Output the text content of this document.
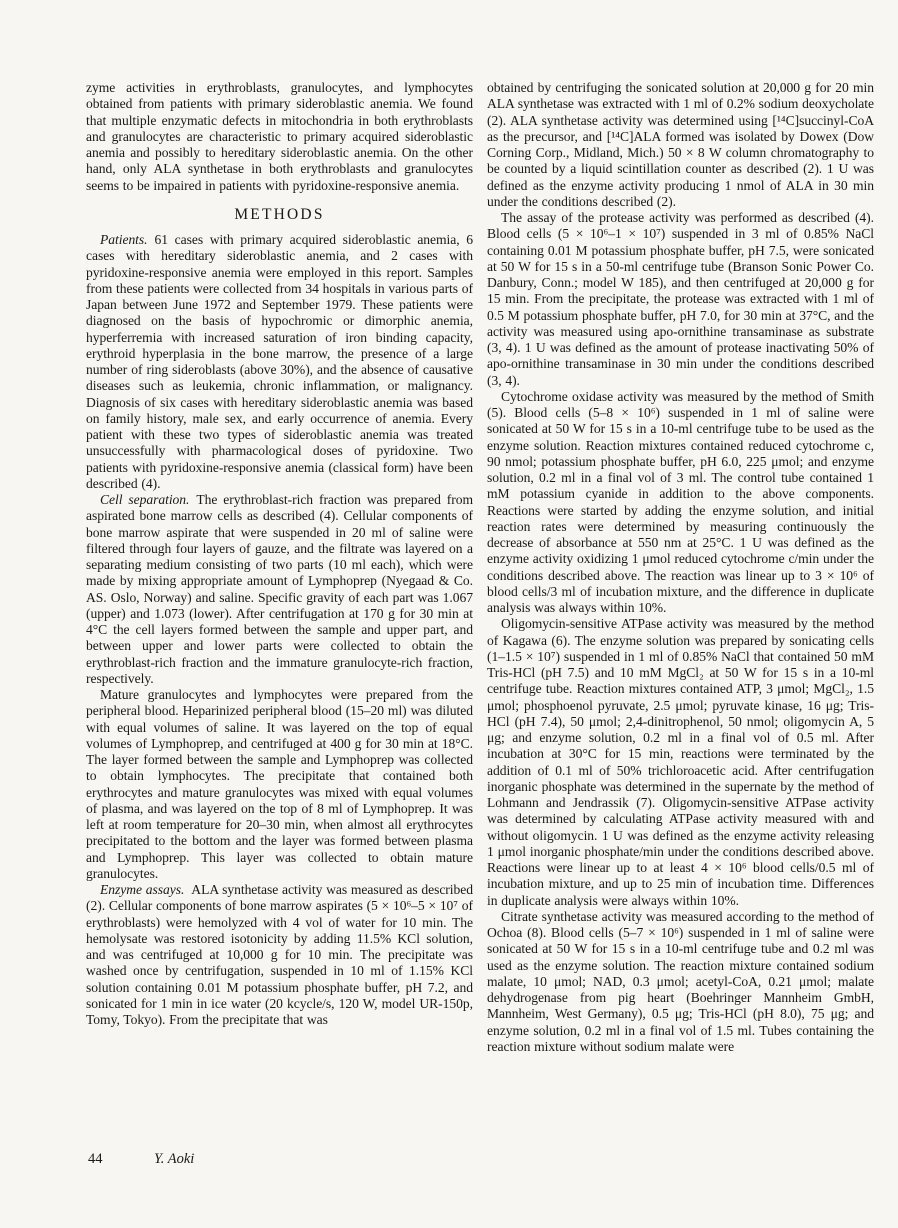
zyme activities in erythroblasts, granulocytes, and lymphocytes obtained from patients with primary sideroblastic anemia. We found that multiple enzymatic defects in mitochondria in both erythroblasts and granulocytes are characteristic to primary acquired sideroblastic anemia and possibly to hereditary sideroblastic anemia. On the other hand, only ALA synthetase in both erythroblasts and granulocytes seems to be impaired in patients with pyridoxine-responsive anemia.

METHODS

Patients. 61 cases with primary acquired sideroblastic anemia, 6 cases with hereditary sideroblastic anemia, and 2 cases with pyridoxine-responsive anemia were employed in this report. Samples from these patients were collected from 34 hospitals in various parts of Japan between June 1972 and September 1979. These patients were diagnosed on the basis of hypochromic or dimorphic anemia, hyperferremia with increased saturation of iron binding capacity, erythroid hyperplasia in the bone marrow, the presence of a large number of ring sideroblasts (above 30%), and the absence of causative diseases such as leukemia, chronic inflammation, or malignancy. Diagnosis of six cases with hereditary sideroblastic anemia was based on family history, male sex, and early occurrence of anemia. Every patient with these two types of sideroblastic anemia was treated unsuccessfully with pharmacological doses of pyridoxine. Two patients with pyridoxine-responsive anemia (classical form) have been described (4).

Cell separation. The erythroblast-rich fraction was prepared from aspirated bone marrow cells as described (4). Cellular components of bone marrow aspirate that were suspended in 20 ml of saline were filtered through four layers of gauze, and the filtrate was layered on a separating medium consisting of two parts (10 ml each), which were made by mixing appropriate amount of Lymphoprep (Nyegaad & Co. AS. Oslo, Norway) and saline. Specific gravity of each part was 1.067 (upper) and 1.073 (lower). After centrifugation at 170 g for 30 min at 4°C the cell layers formed between the sample and upper part, and between upper and lower parts were collected to obtain the erythroblast-rich fraction and the immature granulocyte-rich fraction, respectively.

Mature granulocytes and lymphocytes were prepared from the peripheral blood. Heparinized peripheral blood (15–20 ml) was diluted with equal volumes of saline. It was layered on the top of equal volumes of Lymphoprep, and centrifuged at 400 g for 30 min at 18°C. The layer formed between the sample and Lymphoprep was collected to obtain lymphocytes. The precipitate that contained both erythrocytes and mature granulocytes was mixed with equal volumes of plasma, and was layered on the top of 8 ml of Lymphoprep. It was left at room temperature for 20–30 min, when almost all erythrocytes precipitated to the bottom and the layer was formed between plasma and Lymphoprep. This layer was collected to obtain mature granulocytes.

Enzyme assays. ALA synthetase activity was measured as described (2). Cellular components of bone marrow aspirates (5 × 10⁶–5 × 10⁷ of erythroblasts) were hemolyzed with 4 vol of water for 10 min. The hemolysate was restored isotonicity by adding 11.5% KCl solution, and was centrifuged at 10,000 g for 10 min. The precipitate was washed once by centrifugation, suspended in 10 ml of 1.15% KCl solution containing 0.01 M potassium phosphate buffer, pH 7.2, and sonicated for 1 min in ice water (20 kcycle/s, 120 W, model UR-150p, Tomy, Tokyo). From the precipitate that was

obtained by centrifuging the sonicated solution at 20,000 g for 20 min ALA synthetase was extracted with 1 ml of 0.2% sodium deoxycholate (2). ALA synthetase activity was determined using [¹⁴C]succinyl-CoA as the precursor, and [¹⁴C]ALA formed was isolated by Dowex (Dow Corning Corp., Midland, Mich.) 50 × 8 W column chromatography to be counted by a liquid scintillation counter as described (2). 1 U was defined as the enzyme activity producing 1 nmol of ALA in 30 min under the conditions described (2).

The assay of the protease activity was performed as described (4). Blood cells (5 × 10⁶–1 × 10⁷) suspended in 3 ml of 0.85% NaCl containing 0.01 M potassium phosphate buffer, pH 7.5, were sonicated at 50 W for 15 s in a 50-ml centrifuge tube (Branson Sonic Power Co. Danbury, Conn.; model W 185), and then centrifuged at 20,000 g for 15 min. From the precipitate, the protease was extracted with 1 ml of 0.5 M potassium phosphate buffer, pH 7.0, for 30 min at 37°C, and the activity was measured using apo-ornithine transaminase as substrate (3, 4). 1 U was defined as the amount of protease inactivating 50% of apo-ornithine transaminase in 30 min under the conditions described (3, 4).

Cytochrome oxidase activity was measured by the method of Smith (5). Blood cells (5–8 × 10⁶) suspended in 1 ml of saline were sonicated at 50 W for 15 s in a 10-ml centrifuge tube to be used as the enzyme solution. Reaction mixtures contained reduced cytochrome c, 90 nmol; potassium phosphate buffer, pH 6.0, 225 μmol; and enzyme solution, 0.2 ml in a final vol of 3 ml. The control tube contained 1 mM potassium cyanide in addition to the above components. Reactions were started by adding the enzyme solution, and initial reaction rates were determined by measuring continuously the decrease of absorbance at 550 nm at 25°C. 1 U was defined as the enzyme activity oxidizing 1 μmol reduced cytochrome c/min under the conditions described above. The reaction was linear up to 3 × 10⁶ of blood cells/3 ml of incubation mixture, and the difference in duplicate analysis was always within 10%.

Oligomycin-sensitive ATPase activity was measured by the method of Kagawa (6). The enzyme solution was prepared by sonicating cells (1–1.5 × 10⁷) suspended in 1 ml of 0.85% NaCl that contained 50 mM Tris-HCl (pH 7.5) and 10 mM MgCl₂ at 50 W for 15 s in a 10-ml centrifuge tube. Reaction mixtures contained ATP, 3 μmol; MgCl₂, 1.5 μmol; phosphoenol pyruvate, 2.5 μmol; pyruvate kinase, 16 μg; Tris-HCl (pH 7.4), 50 μmol; 2,4-dinitrophenol, 50 nmol; oligomycin A, 5 μg; and enzyme solution, 0.2 ml in a final vol of 0.5 ml. After incubation at 30°C for 15 min, reactions were terminated by the addition of 0.1 ml of 50% trichloroacetic acid. After centrifugation inorganic phosphate was determined in the supernate by the method of Lohmann and Jendrassik (7). Oligomycin-sensitive ATPase activity was determined by calculating ATPase activity measured with and without oligomycin. 1 U was defined as the enzyme activity releasing 1 μmol inorganic phosphate/min under the conditions described above. Reactions were linear up to at least 4 × 10⁶ blood cells/0.5 ml of incubation mixture, and up to 25 min of incubation time. Differences in duplicate analysis were always within 10%.

Citrate synthetase activity was measured according to the method of Ochoa (8). Blood cells (5–7 × 10⁶) suspended in 1 ml of saline were sonicated at 50 W for 15 s in a 10-ml centrifuge tube and 0.2 ml was used as the enzyme solution. The reaction mixture contained sodium malate, 10 μmol; NAD, 0.3 μmol; acetyl-CoA, 0.21 μmol; malate dehydrogenase from pig heart (Boehringer Mannheim GmbH, Mannheim, West Germany), 0.5 μg; Tris-HCl (pH 8.0), 75 μg; and enzyme solution, 0.2 ml in a final vol of 1.5 ml. Tubes containing the reaction mixture without sodium malate were

44	Y. Aoki
